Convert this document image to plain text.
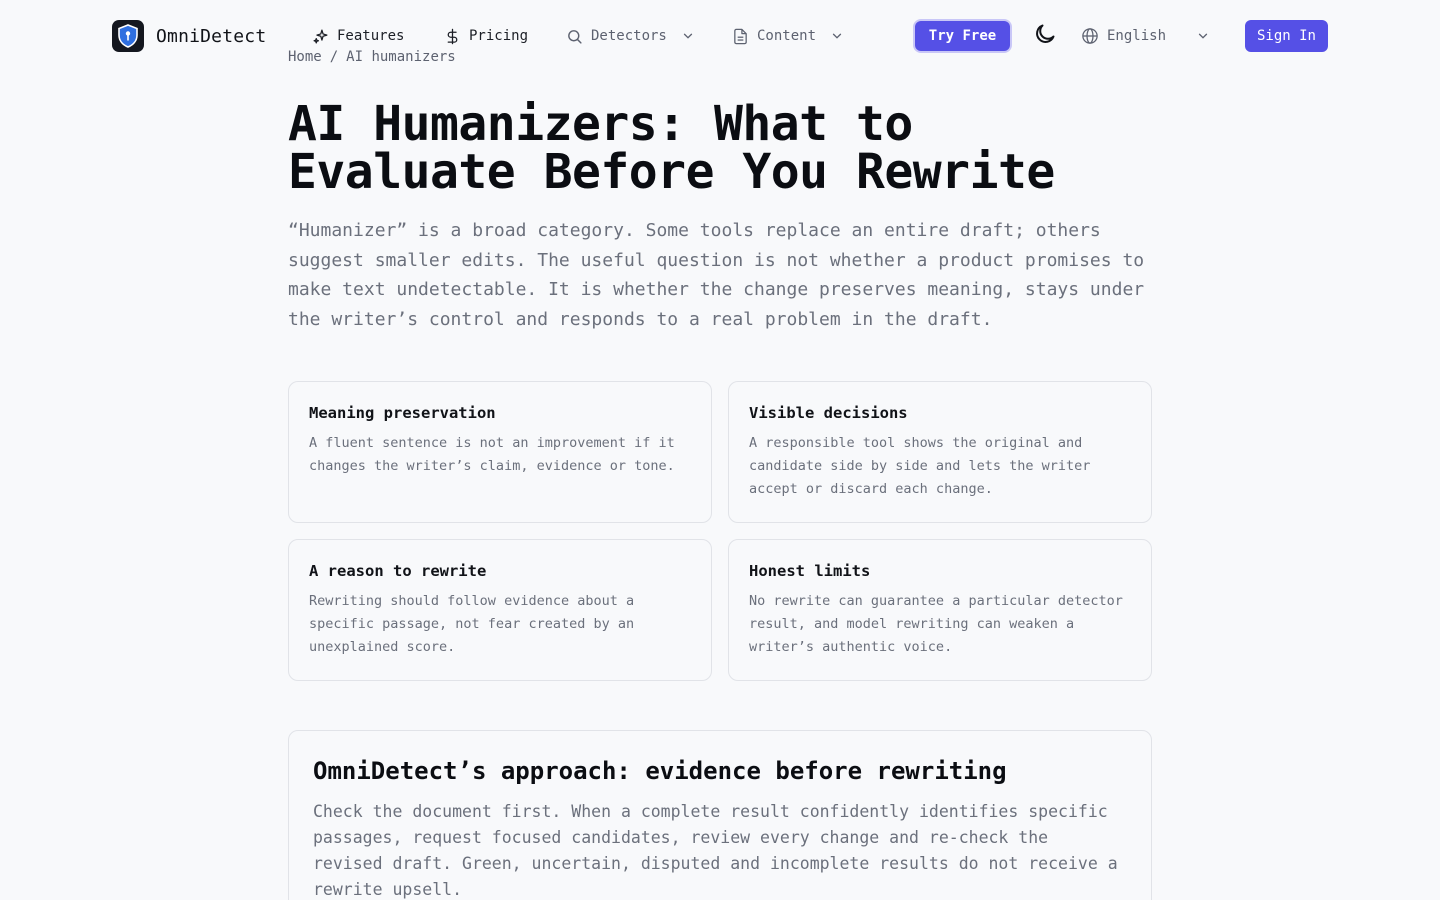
OmniDetect	Features	Pricing	Detectors	Content	Try Free	English	Sign In
Home / AI humanizers
AI Humanizers: What to Evaluate Before You Rewrite

“Humanizer” is a broad category. Some tools replace an entire draft; others suggest smaller edits. The useful question is not whether a product promises to make text undetectable. It is whether the change preserves meaning, stays under the writer’s control and responds to a real problem in the draft.

Meaning preservation

A fluent sentence is not an improvement if it changes the writer’s claim, evidence or tone.

Visible decisions

A responsible tool shows the original and candidate side by side and lets the writer accept or discard each change.

A reason to rewrite

Rewriting should follow evidence about a specific passage, not fear created by an unexplained score.

Honest limits

No rewrite can guarantee a particular detector result, and model rewriting can weaken a writer’s authentic voice.

OmniDetect’s approach: evidence before rewriting

Check the document first. When a complete result confidently identifies specific passages, request focused candidates, review every change and re-check the revised draft. Green, uncertain, disputed and incomplete results do not receive a rewrite upsell.
